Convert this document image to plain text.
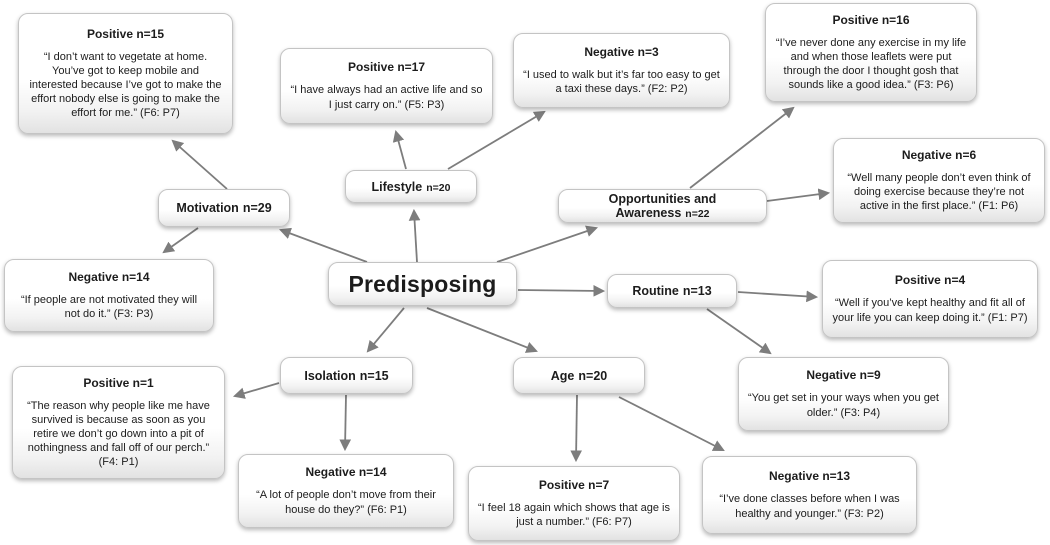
Predisposing
Motivation n=29
Lifestyle n=20
Opportunities and Awareness n=22
Routine n=13
Isolation n=15	Age n=20
Positive n=15
“I don’t want to vegetate at home. You’ve got to keep mobile and interested because I’ve got to make the effort nobody else is going to make the effort for me.” (F6: P7)
Negative n=14
“If people are not motivated they will not do it.” (F3: P3)
Positive n=17
“I have always had an active life and so I just carry on.” (F5: P3)
Negative n=3
“I used to walk but it’s far too easy to get a taxi these days.” (F2: P2)
Positive n=16
“I’ve never done any exercise in my life and when those leaflets were put through the door I thought gosh that sounds like a good idea.” (F3: P6)
Negative n=6
“Well many people don’t even think of doing exercise because they’re not active in the first place.” (F1: P6)
Positive n=4
“Well if you’ve kept healthy and fit all of your life you can keep doing it.” (F1: P7)
Negative n=9
“You get set in your ways when you get older.” (F3: P4)
Positive n=1
“The reason why people like me have survived is because as soon as you retire we don’t go down into a pit of nothingness and fall off of our perch.” (F4: P1)
Negative n=14
“A lot of people don’t move from their house do they?” (F6: P1)
Positive n=7
“I feel 18 again which shows that age is just a number.” (F6: P7)
Negative n=13
“I’ve done classes before when I was healthy and younger.” (F3: P2)
